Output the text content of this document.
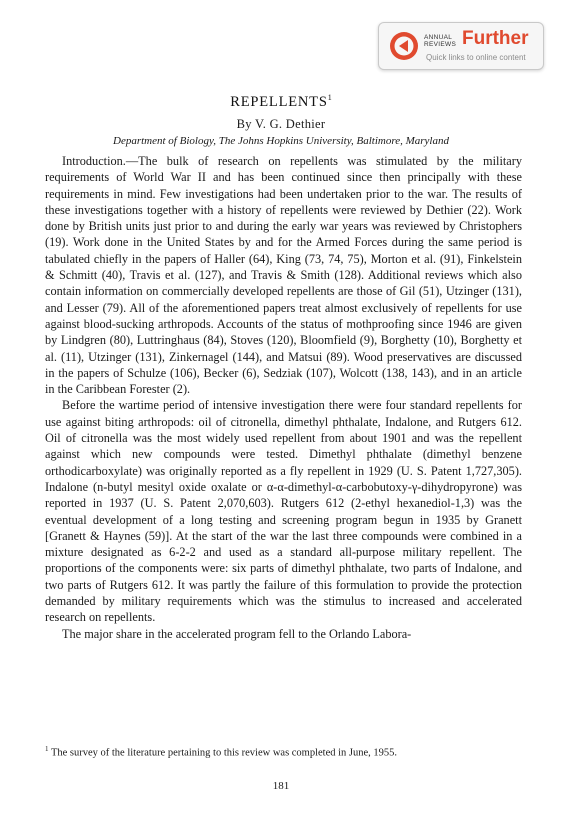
ANNUAL
REVIEWS Further
Quick links to online content
REPELLENTS$^1$
By V. G. Dethier
Department of Biology, The Johns Hopkins University, Baltimore, Maryland

Introduction.—The bulk of research on repellents was stimulated by the military requirements of World War II and has been continued since then principally with these requirements in mind. Few investigations had been undertaken prior to the war. The results of these investigations together with a history of repellents were reviewed by Dethier (22). Work done by British units just prior to and during the early war years was reviewed by Christophers (19). Work done in the United States by and for the Armed Forces during the same period is tabulated chiefly in the papers of Haller (64), King (73, 74, 75), Morton et al. (91), Finkelstein & Schmitt (40), Travis et al. (127), and Travis & Smith (128). Additional reviews which also contain information on commercially developed repellents are those of Gil (51), Utzinger (131), and Lesser (79). All of the aforementioned papers treat almost exclusively of repellents for use against blood-sucking arthropods. Accounts of the status of mothproofing since 1946 are given by Lindgren (80), Luttringhaus (84), Stoves (120), Bloomfield (9), Borghetty (10), Borghetty et al. (11), Utzinger (131), Zinkernagel (144), and Matsui (89). Wood preservatives are discussed in the papers of Schulze (106), Becker (6), Sedziak (107), Wolcott (138, 143), and in an article in the Caribbean Forester (2).

Before the wartime period of intensive investigation there were four standard repellents for use against biting arthropods: oil of citronella, dimethyl phthalate, Indalone, and Rutgers 612. Oil of citronella was the most widely used repellent from about 1901 and was the repellent against which new compounds were tested. Dimethyl phthalate (dimethyl benzene orthodicarboxylate) was originally reported as a fly repellent in 1929 (U. S. Patent 1,727,305). Indalone (n-butyl mesityl oxide oxalate or α-α-dimethyl-α-carbobutoxy-γ-dihydropyrone) was reported in 1937 (U. S. Patent 2,070,603). Rutgers 612 (2-ethyl hexanediol-1,3) was the eventual development of a long testing and screening program begun in 1935 by Granett [Granett & Haynes (59)]. At the start of the war the last three compounds were combined in a mixture designated as 6-2-2 and used as a standard all-purpose military repellent. The proportions of the components were: six parts of dimethyl phthalate, two parts of Indalone, and two parts of Rutgers 612. It was partly the failure of this formulation to provide the protection demanded by military requirements which was the stimulus to increased and accelerated research on repellents.

The major share in the accelerated program fell to the Orlando Labora-

$^1$ The survey of the literature pertaining to this review was completed in June, 1955.
181
